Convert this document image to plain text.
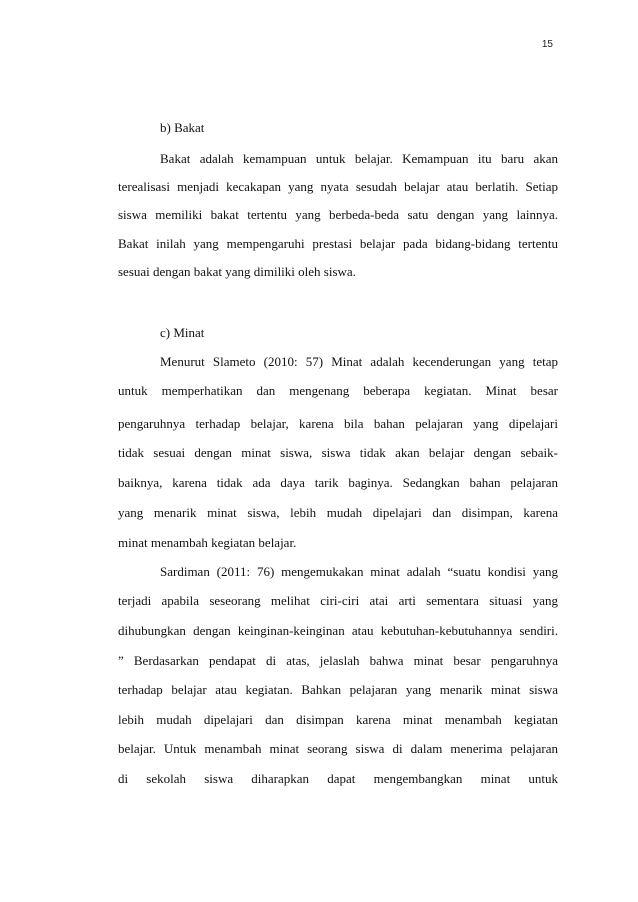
15
b) Bakat
Bakat adalah kemampuan untuk belajar. Kemampuan itu baru akan
terealisasi menjadi kecakapan yang nyata sesudah belajar atau berlatih. Setiap
siswa memiliki bakat tertentu yang berbeda-beda satu dengan yang lainnya.
Bakat inilah yang mempengaruhi prestasi belajar pada bidang-bidang tertentu
sesuai dengan bakat yang dimiliki oleh siswa.
c) Minat
Menurut Slameto (2010: 57) Minat adalah kecenderungan yang tetap
untuk memperhatikan dan mengenang beberapa kegiatan. Minat besar
pengaruhnya terhadap belajar, karena bila bahan pelajaran yang dipelajari
tidak sesuai dengan minat siswa, siswa tidak akan belajar dengan sebaik-
baiknya, karena tidak ada daya tarik baginya. Sedangkan bahan pelajaran
yang menarik minat siswa, lebih mudah dipelajari dan disimpan, karena
minat menambah kegiatan belajar.
Sardiman (2011: 76) mengemukakan minat adalah “suatu kondisi yang
terjadi apabila seseorang melihat ciri-ciri atai arti sementara situasi yang
dihubungkan dengan keinginan-keinginan atau kebutuhan-kebutuhannya sendiri.
” Berdasarkan pendapat di atas, jelaslah bahwa minat besar pengaruhnya
terhadap belajar atau kegiatan. Bahkan pelajaran yang menarik minat siswa
lebih mudah dipelajari dan disimpan karena minat menambah kegiatan
belajar. Untuk menambah minat seorang siswa di dalam menerima pelajaran
di sekolah siswa diharapkan dapat mengembangkan minat untuk
